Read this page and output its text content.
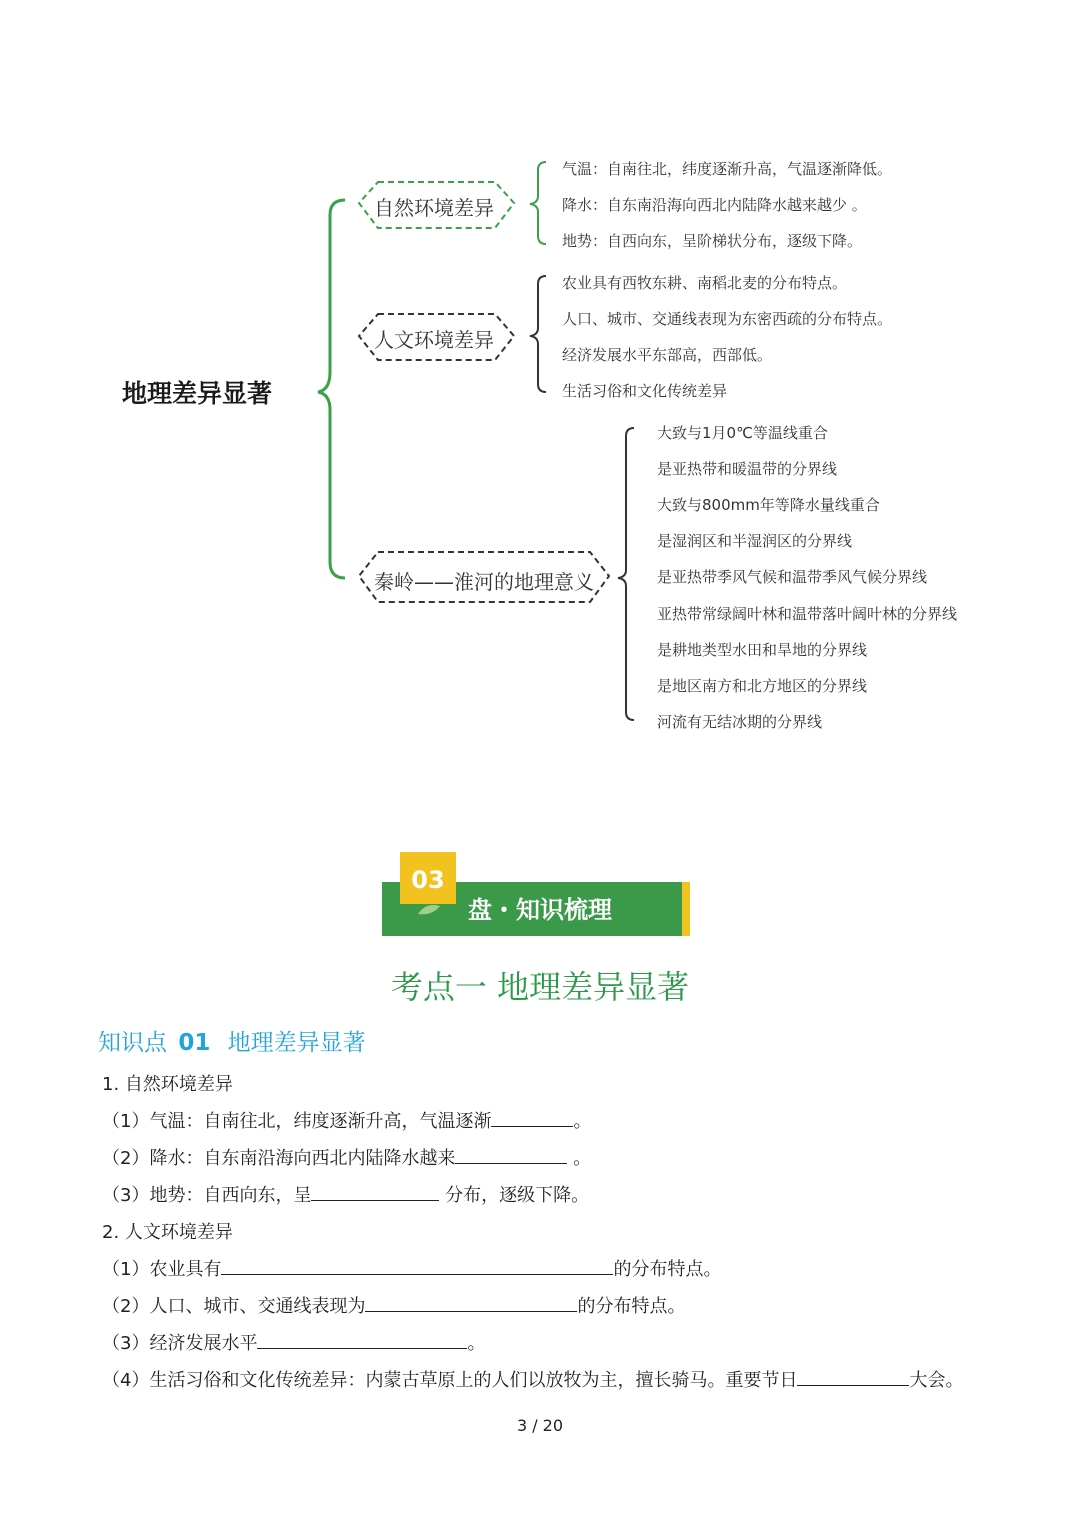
地理差异显著
自然环境差异
人文环境差异
秦岭——淮河的地理意义
气温：自南往北，纬度逐渐升高，气温逐渐降低。
降水：自东南沿海向西北内陆降水越来越少 。
地势：自西向东，呈阶梯状分布，逐级下降。
农业具有西牧东耕、南稻北麦的分布特点。
人口、城市、交通线表现为东密西疏的分布特点。
经济发展水平东部高，西部低。
生活习俗和文化传统差异
大致与1月0℃等温线重合
是亚热带和暖温带的分界线
大致与800mm年等降水量线重合
是湿润区和半湿润区的分界线
是亚热带季风气候和温带季风气候分界线
亚热带常绿阔叶林和温带落叶阔叶林的分界线
是耕地类型水田和旱地的分界线
是地区南方和北方地区的分界线
河流有无结冰期的分界线
03
盘・知识梳理
考点一 地理差异显著
知识点 01 地理差异显著
1. 自然环境差异
（1）气温：自南往北，纬度逐渐升高，气温逐渐	。
（2）降水：自东南沿海向西北内陆降水越来	。
（3）地势：自西向东，呈	分布，逐级下降。
2. 人文环境差异
（1）农业具有	的分布特点。
（2）人口、城市、交通线表现为	的分布特点。
（3）经济发展水平	。
（4）生活习俗和文化传统差异：内蒙古草原上的人们以放牧为主，擅长骑马。重要节日	大会。
3 / 20
